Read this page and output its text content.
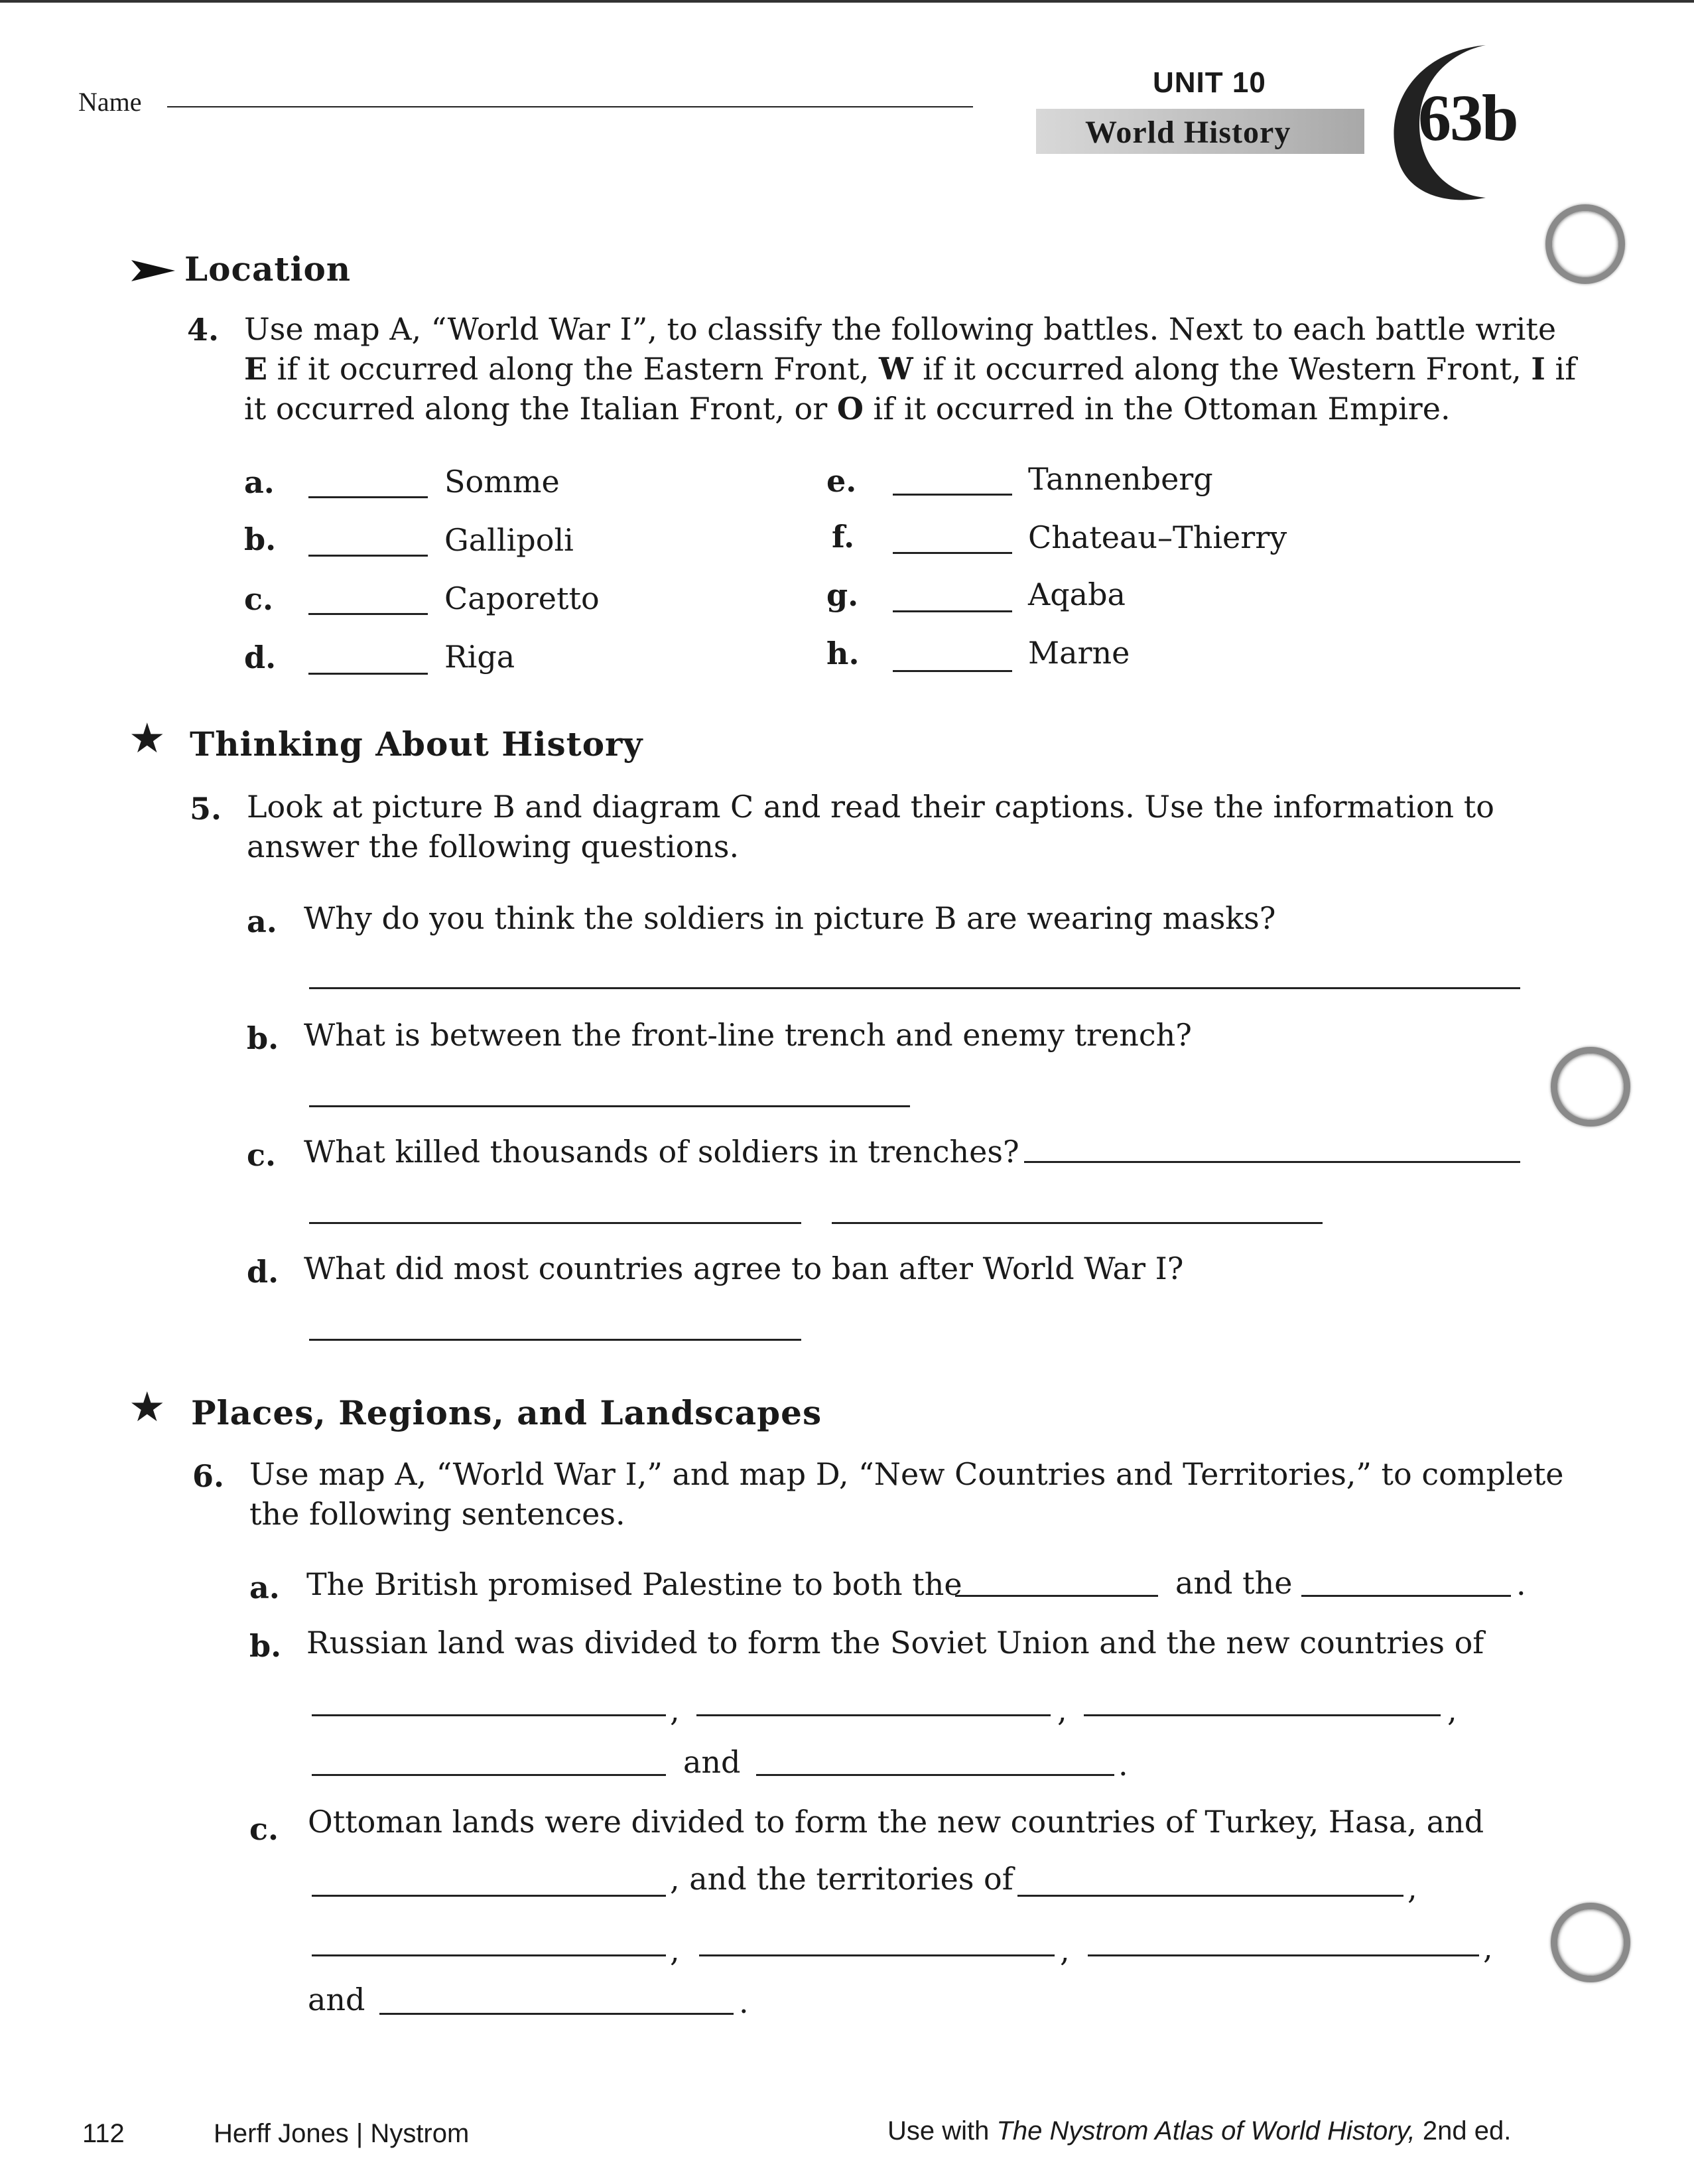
Name
UNIT 10
World History 63b
Location
4. Use map A, “World War I”, to classify the following battles. Next to each battle write
E if it occurred along the Eastern Front, W if it occurred along the Western Front, I if
it occurred along the Italian Front, or O if it occurred in the Ottoman Empire.
a.	Somme
b.	Gallipoli
c.	Caporetto
d.	Riga
e.	Tannenberg
f.	Chateau–Thierry
g.	Aqaba
h.	Marne
★ Thinking About History
5. Look at picture B and diagram C and read their captions. Use the information to
answer the following questions.
a. Why do you think the soldiers in picture B are wearing masks?
b. What is between the front-line trench and enemy trench?
c. What killed thousands of soldiers in trenches?
d. What did most countries agree to ban after World War I?
★ Places, Regions, and Landscapes
6. Use map A, “World War I,” and map D, “New Countries and Territories,” to complete
the following sentences.
a. The British promised Palestine to both the	and the	.
b. Russian land was divided to form the Soviet Union and the new countries of
,	,	,
and	.
c. Ottoman lands were divided to form the new countries of Turkey, Hasa, and
, and the territories of	,
,	,	,
and	.
112	Herff Jones | Nystrom	Use with The Nystrom Atlas of World History, 2nd ed.
